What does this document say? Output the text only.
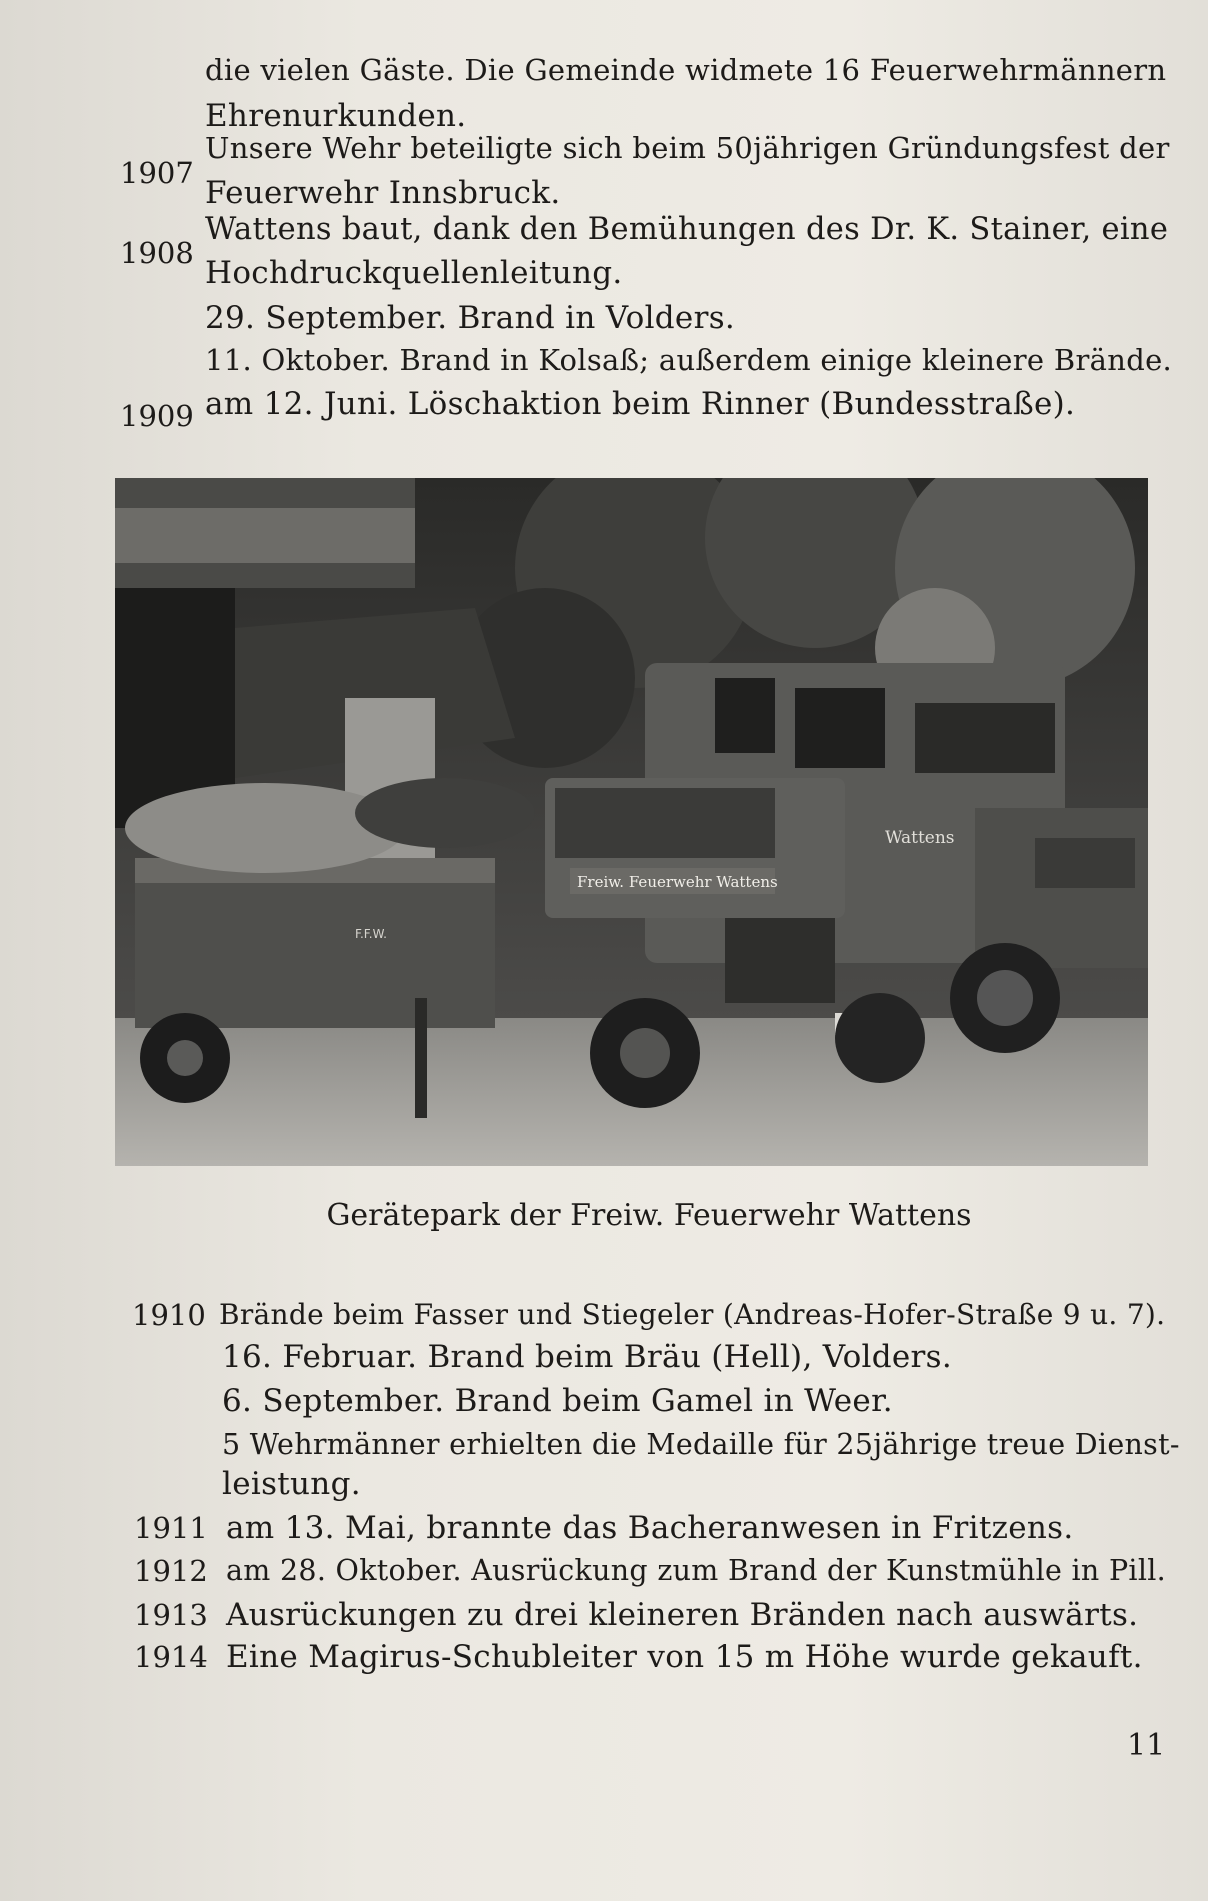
die vielen Gäste. Die Gemeinde widmete 16 Feuerwehrmännern
Ehrenurkunden.
1907
Unsere Wehr beteiligte sich beim 50jährigen Gründungsfest der
Feuerwehr Innsbruck.
1908
Wattens baut, dank den Bemühungen des Dr. K. Stainer, eine
Hochdruckquellenleitung.
29. September. Brand in Volders.
11. Oktober. Brand in Kolsaß; außerdem einige kleinere Brände.
1909 am 12. Juni. Löschaktion beim Rinner (Bundesstraße).
Wattens
Freiw. Feuerwehr Wattens
F.F.W.
Gerätepark der Freiw. Feuerwehr Wattens
1910 Brände beim Fasser und Stiegeler (Andreas-Hofer-Straße 9 u. 7).
16. Februar. Brand beim Bräu (Hell), Volders.
6. September. Brand beim Gamel in Weer.
5 Wehrmänner erhielten die Medaille für 25jährige treue Dienst-
leistung.
1911 am 13. Mai, brannte das Bacheranwesen in Fritzens.
1912 am 28. Oktober. Ausrückung zum Brand der Kunstmühle in Pill.
1913 Ausrückungen zu drei kleineren Bränden nach auswärts.
1914 Eine Magirus-Schubleiter von 15 m Höhe wurde gekauft.
11
